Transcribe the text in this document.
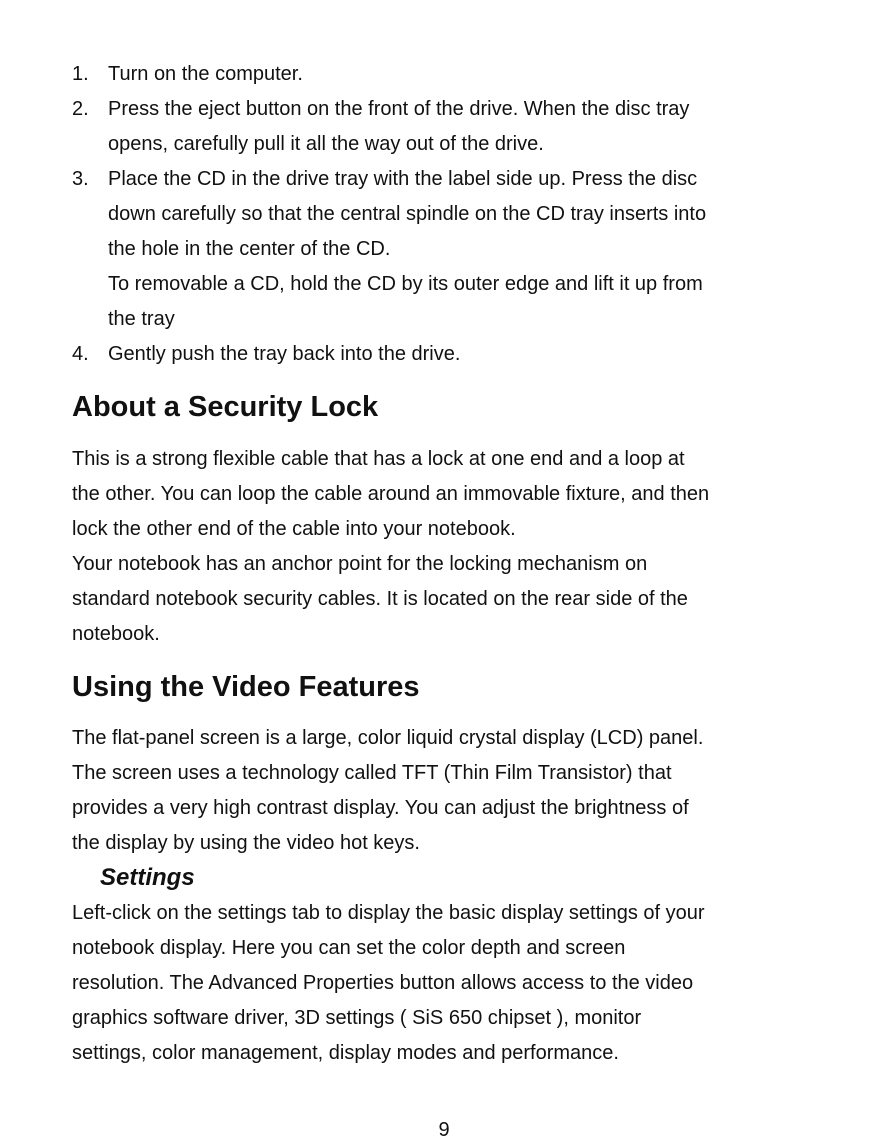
1. Turn on the computer.
2. Press the eject button on the front of the drive. When the disc tray
opens, carefully pull it all the way out of the drive.
3. Place the CD in the drive tray with the label side up. Press the disc
down carefully so that the central spindle on the CD tray inserts into
the hole in the center of the CD.
To removable a CD, hold the CD by its outer edge and lift it up from
the tray
4. Gently push the tray back into the drive.
About a Security Lock

This is a strong flexible cable that has a lock at one end and a loop at

the other. You can loop the cable around an immovable fixture, and then

lock the other end of the cable into your notebook.

Your notebook has an anchor point for the locking mechanism on

standard notebook security cables. It is located on the rear side of the

notebook.

Using the Video Features

The flat-panel screen is a large, color liquid crystal display (LCD) panel.

The screen uses a technology called TFT (Thin Film Transistor) that

provides a very high contrast display. You can adjust the brightness of

the display by using the video hot keys.

Settings

Left-click on the settings tab to display the basic display settings of your

notebook display. Here you can set the color depth and screen

resolution. The Advanced Properties button allows access to the video

graphics software driver, 3D settings ( SiS 650 chipset ), monitor

settings, color management, display modes and performance.

9
